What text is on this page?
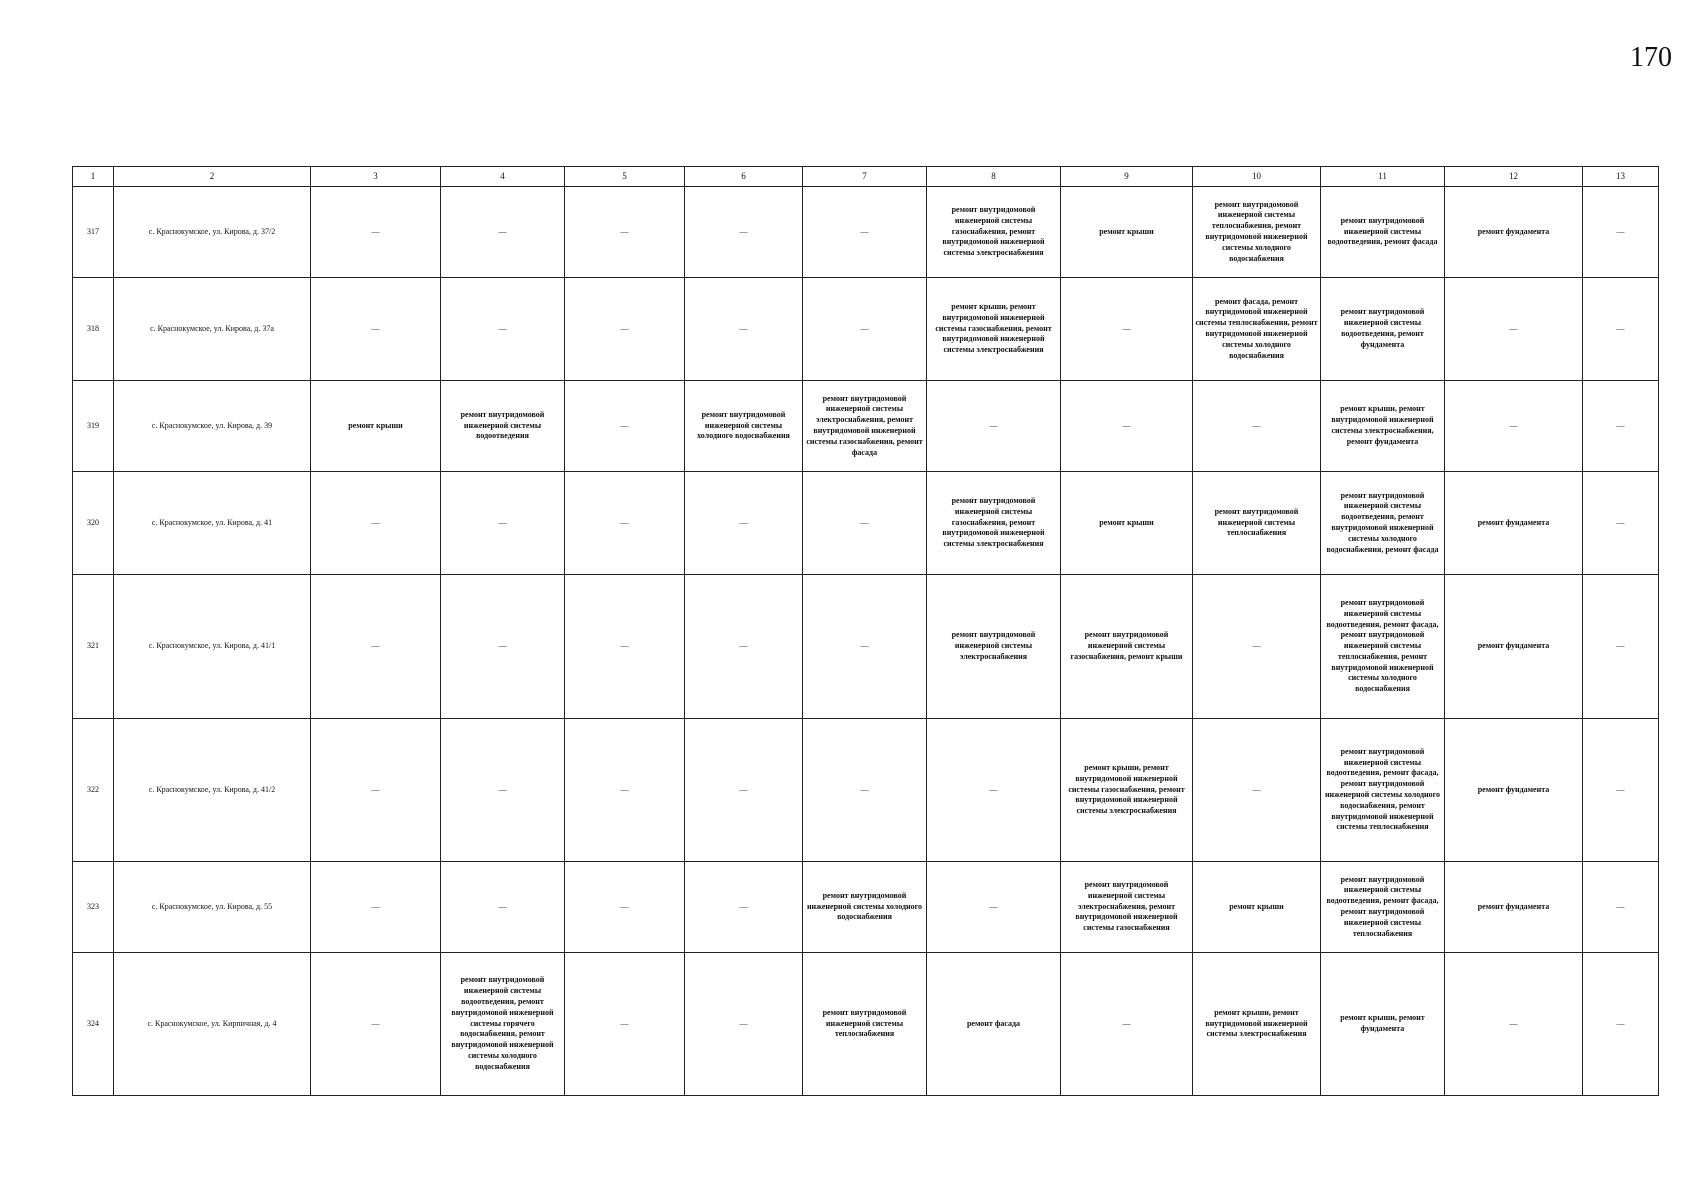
170
1	2	3	4	5	6	7	8	9	10	11	12	13
317	с. Краснокумское, ул. Кирова, д. 37/2	—	—	—	—	—	ремонт внутридомовой инженерной системы газоснабжения, ремонт внутридомовой инженерной системы электроснабжения	ремонт крыши	ремонт внутридомовой инженерной системы теплоснабжения, ремонт внутридомовой инженерной системы холодного водоснабжения	ремонт внутридомовой инженерной системы водоотведения, ремонт фасада	ремонт фундамента	—
318	с. Краснокумское, ул. Кирова, д. 37а	—	—	—	—	—	ремонт крыши, ремонт внутридомовой инженерной системы газоснабжения, ремонт внутридомовой инженерной системы электроснабжения	—	ремонт фасада, ремонт внутридомовой инженерной системы теплоснабжения, ремонт внутридомовой инженерной системы холодного водоснабжения	ремонт внутридомовой инженерной системы водоотведения, ремонт фундамента	—	—
319	с. Краснокумское, ул. Кирова, д. 39	ремонт крыши	ремонт внутридомовой инженерной системы водоотведения	—	ремонт внутридомовой инженерной системы холодного водоснабжения	ремонт внутридомовой инженерной системы электроснабжения, ремонт внутридомовой инженерной системы газоснабжения, ремонт фасада	—	—	—	ремонт крыши, ремонт внутридомовой инженерной системы электроснабжения, ремонт фундамента	—	—
320	с. Краснокумское, ул. Кирова, д. 41	—	—	—	—	—	ремонт внутридомовой инженерной системы газоснабжения, ремонт внутридомовой инженерной системы электроснабжения	ремонт крыши	ремонт внутридомовой инженерной системы теплоснабжения	ремонт внутридомовой инженерной системы водоотведения, ремонт внутридомовой инженерной системы холодного водоснабжения, ремонт фасада	ремонт фундамента	—
321	с. Краснокумское, ул. Кирова, д. 41/1	—	—	—	—	—	ремонт внутридомовой инженерной системы электроснабжения	ремонт внутридомовой инженерной системы газоснабжения, ремонт крыши	—	ремонт внутридомовой инженерной системы водоотведения, ремонт фасада, ремонт внутридомовой инженерной системы теплоснабжения, ремонт внутридомовой инженерной системы холодного водоснабжения	ремонт фундамента	—
322	с. Краснокумское, ул. Кирова, д. 41/2	—	—	—	—	—	—	ремонт крыши, ремонт внутридомовой инженерной системы газоснабжения, ремонт внутридомовой инженерной системы электроснабжения	—	ремонт внутридомовой инженерной системы водоотведения, ремонт фасада, ремонт внутридомовой инженерной системы холодного водоснабжения, ремонт внутридомовой инженерной системы теплоснабжения	ремонт фундамента	—
323	с. Краснокумское, ул. Кирова, д. 55	—	—	—	—	ремонт внутридомовой инженерной системы холодного водоснабжения	—	ремонт внутридомовой инженерной системы электроснабжения, ремонт внутридомовой инженерной системы газоснабжения	ремонт крыши	ремонт внутридомовой инженерной системы водоотведения, ремонт фасада, ремонт внутридомовой инженерной системы теплоснабжения	ремонт фундамента	—
324	с. Краснокумское, ул. Кирпичная, д. 4	—	ремонт внутридомовой инженерной системы водоотведения, ремонт внутридомовой инженерной системы горячего водоснабжения, ремонт внутридомовой инженерной системы холодного водоснабжения	—	—	ремонт внутридомовой инженерной системы теплоснабжения	ремонт фасада	—	ремонт крыши, ремонт внутридомовой инженерной системы электроснабжения	ремонт крыши, ремонт фундамента	—	—
